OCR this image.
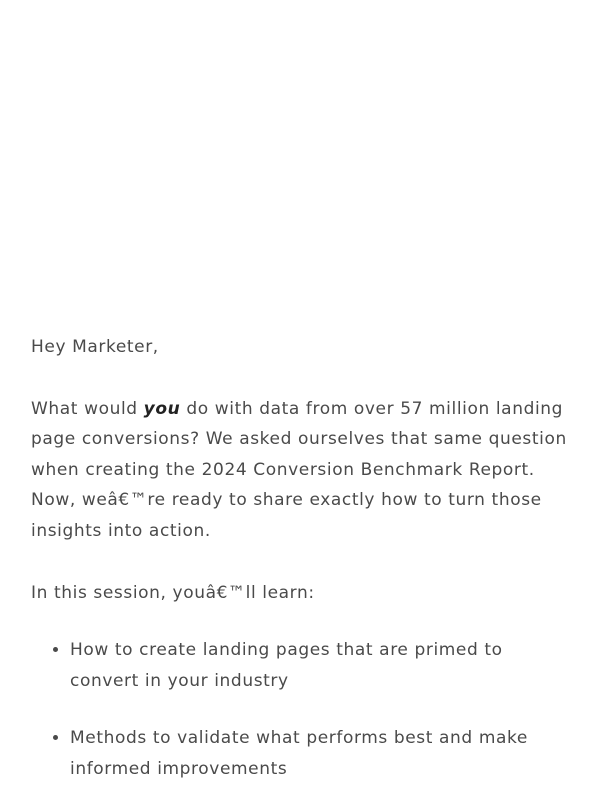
Hey Marketer,

What would you do with data from over 57 million landing page conversions? We asked ourselves that same question when creating the 2024 Conversion Benchmark Report. Now, weâ€™re ready to share exactly how to turn those insights into action.

In this session, youâ€™ll learn:

• How to create landing pages that are primed to convert in your industry
• Methods to validate what performs best and make informed improvements
